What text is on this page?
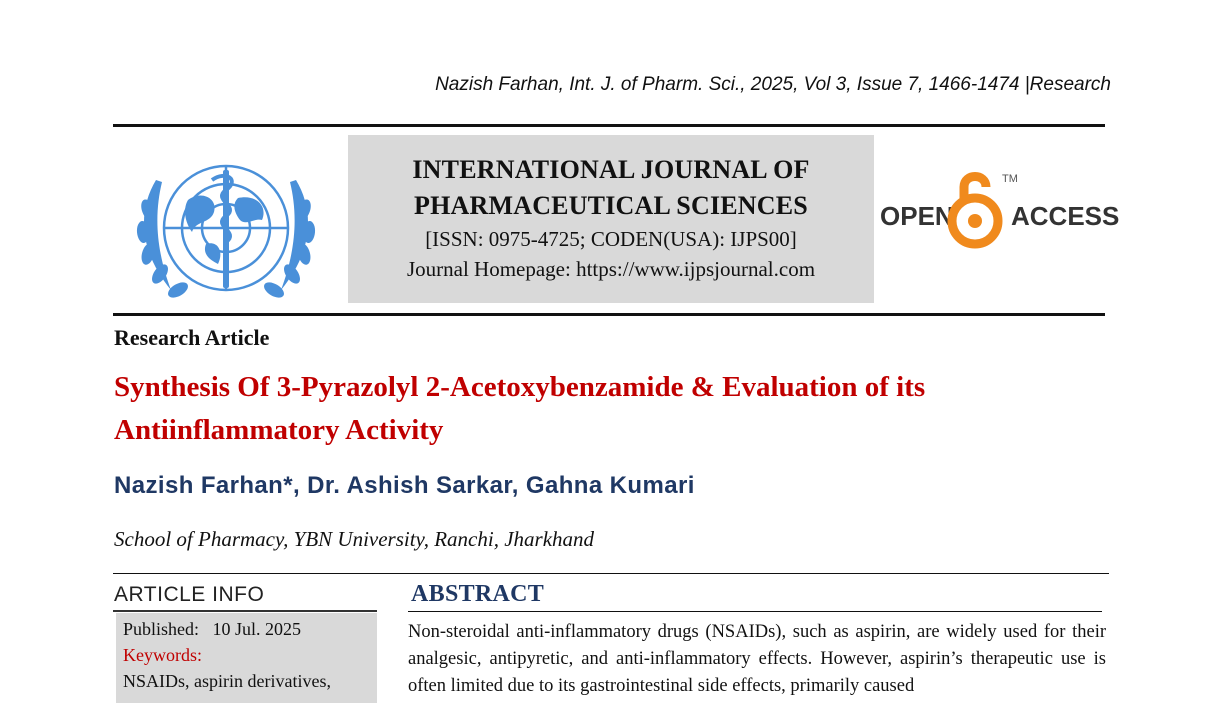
Nazish Farhan, Int. J. of Pharm. Sci., 2025, Vol 3, Issue 7, 1466-1474 |Research
INTERNATIONAL JOURNAL OF
PHARMACEUTICAL SCIENCES
[ISSN: 0975-4725; CODEN(USA): IJPS00]
Journal Homepage: https://www.ijpsjournal.com
OPEN
TM
ACCESS
Research Article
Synthesis Of 3-Pyrazolyl 2-Acetoxybenzamide & Evaluation of its
Antiinflammatory Activity
Nazish Farhan*, Dr. Ashish Sarkar, Gahna Kumari
School of Pharmacy, YBN University, Ranchi, Jharkhand
ARTICLE INFO
Published: 10 Jul. 2025
Keywords:
NSAIDs, aspirin derivatives,
ABSTRACT
Non-steroidal anti-inflammatory drugs (NSAIDs), such as aspirin, are widely used for their analgesic, antipyretic, and anti-inflammatory effects. However, aspirin’s therapeutic use is often limited due to its gastrointestinal side effects, primarily caused
